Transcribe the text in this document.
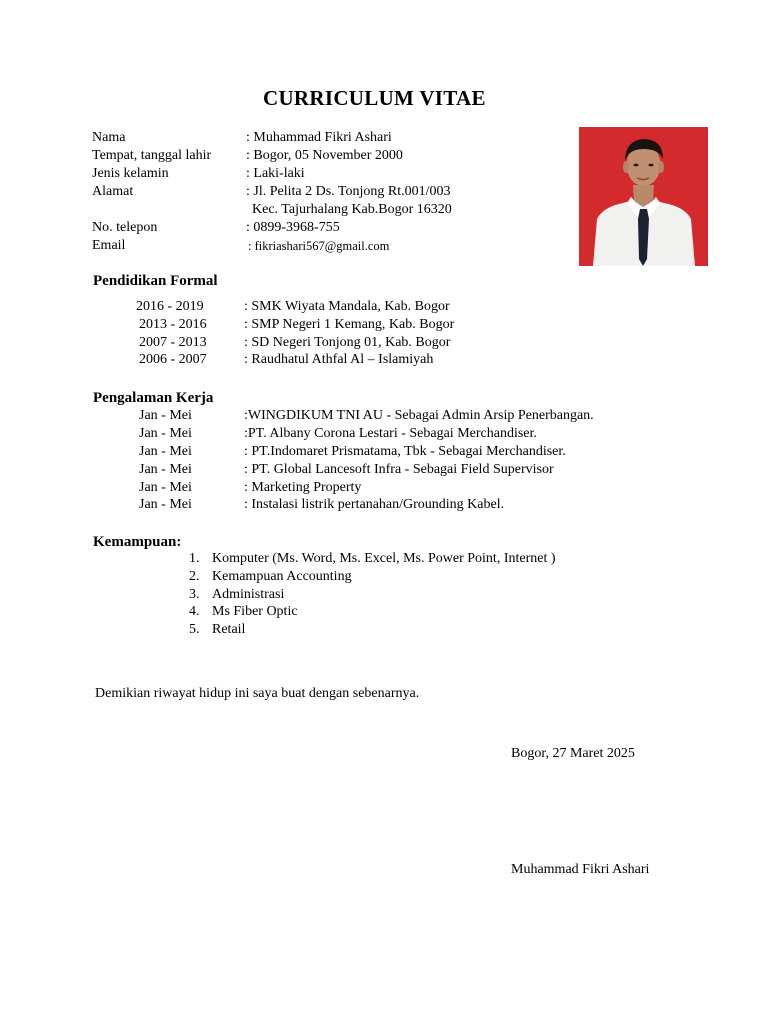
CURRICULUM VITAE
Nama	: Muhammad Fikri Ashari
Tempat, tanggal lahir : Bogor, 05 November 2000
Jenis kelamin	: Laki-laki
Alamat	: Jl. Pelita 2 Ds. Tonjong Rt.001/003
Kec. Tajurhalang Kab.Bogor 16320
No. telepon	: 0899-3968-755
Email	: fikriashari567@gmail.com
Pendidikan Formal
2016 - 2019	: SMK Wiyata Mandala, Kab. Bogor
2013 - 2016	: SMP Negeri 1 Kemang, Kab. Bogor
2007 - 2013	: SD Negeri Tonjong 01, Kab. Bogor
2006 - 2007	: Raudhatul Athfal Al – Islamiyah
Pengalaman Kerja
Jan - Mei	:WINGDIKUM TNI AU - Sebagai Admin Arsip Penerbangan.
Jan - Mei	:PT. Albany Corona Lestari - Sebagai Merchandiser.
Jan - Mei	: PT.Indomaret Prismatama, Tbk - Sebagai Merchandiser.
Jan - Mei	: PT. Global Lancesoft Infra - Sebagai Field Supervisor
Jan - Mei	: Marketing Property
Jan - Mei	: Instalasi listrik pertanahan/Grounding Kabel.
Kemampuan:
1. Komputer (Ms. Word, Ms. Excel, Ms. Power Point, Internet )
2. Kemampuan Accounting
3. Administrasi
4. Ms Fiber Optic
5. Retail
Demikian riwayat hidup ini saya buat dengan sebenarnya.
Bogor, 27 Maret 2025
Muhammad Fikri Ashari
